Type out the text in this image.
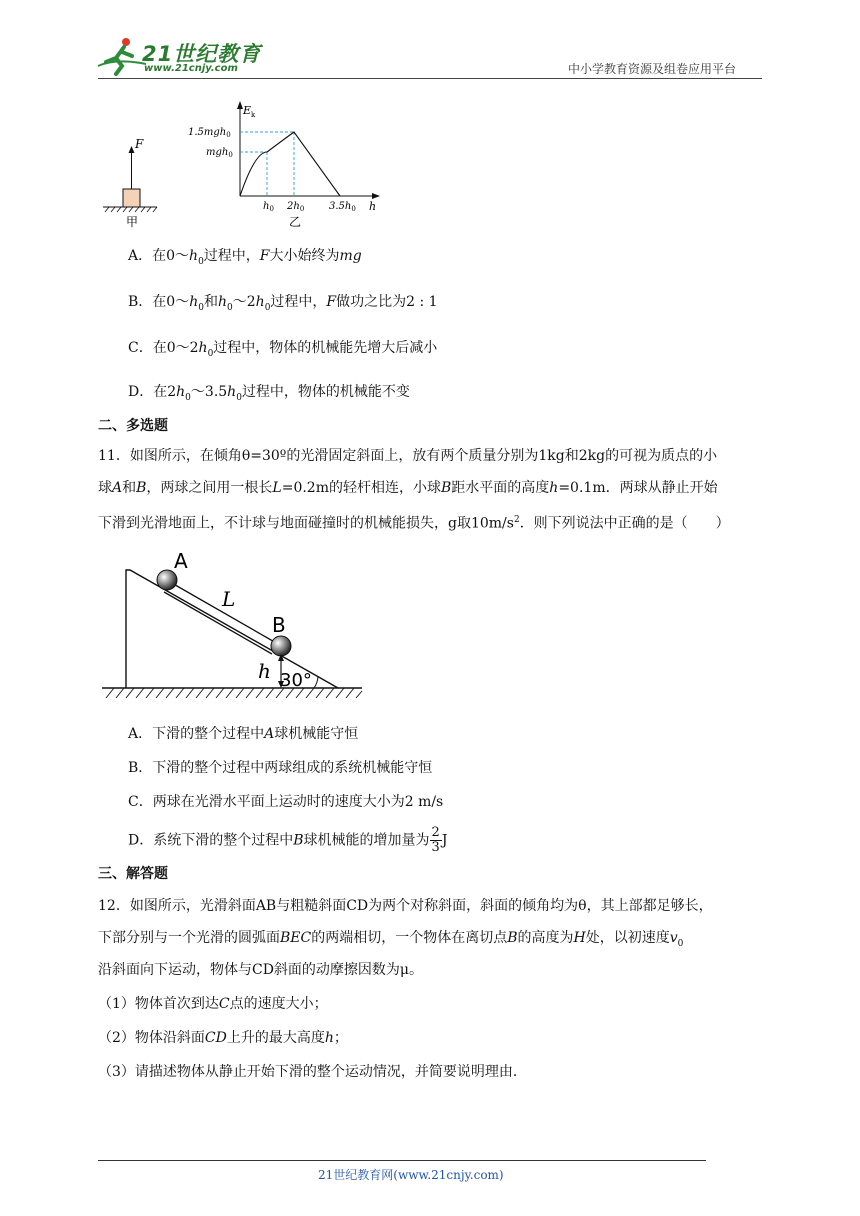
21世纪教育
www.21cnjy.com	中小学教育资源及组卷应用平台
F
甲
$E_k$
h
1.5mgh$_0$
mgh$_0$
$h_0$ $2h_0$ $3.5h_0$
乙
A．在$0\sim h_0$过程中，F大小始终为mg
B．在$0\sim h_0$和$h_0\sim 2h_0$过程中，F做功之比为2 : 1
C．在$0\sim 2h_0$过程中，物体的机械能先增大后减小
D．在$2h_0\sim 3.5h_0$过程中，物体的机械能不变
二、多选题
11．如图所示，在倾角θ=30º的光滑固定斜面上，放有两个质量分别为1kg和2kg的可视为质点的小
球A和B，两球之间用一根长L=0.2m的轻杆相连，小球B距水平面的高度h=0.1m．两球从静止开始
下滑到光滑地面上，不计球与地面碰撞时的机械能损失，g取$10m/s^2$．则下列说法中正确的是（　　）
A
B
L
h 30°
A．下滑的整个过程中A球机械能守恒
B．下滑的整个过程中两球组成的系统机械能守恒
C．两球在光滑水平面上运动时的速度大小为2 m/s
D．系统下滑的整个过程中B球机械能的增加量为 $\frac{2}{3}$ J
三、解答题
12．如图所示，光滑斜面AB与粗糙斜面CD为两个对称斜面，斜面的倾角均为θ，其上部都足够长，
下部分别与一个光滑的圆弧面BEC的两端相切，一个物体在离切点B的高度为H处，以初速度$v_0$
沿斜面向下运动，物体与CD斜面的动摩擦因数为μ。
（1）物体首次到达C点的速度大小；
（2）物体沿斜面CD上升的最大高度h；
（3）请描述物体从静止开始下滑的整个运动情况，并简要说明理由．
21世纪教育网(www.21cnjy.com)
